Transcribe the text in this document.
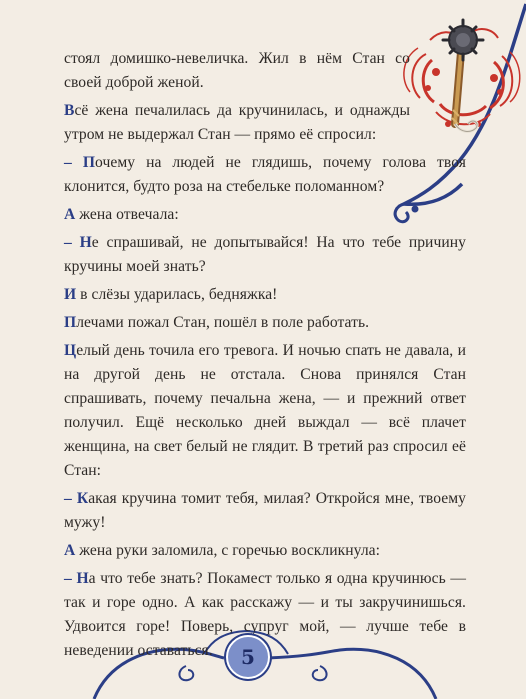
стоял домишко-невеличка. Жил в нём Стан со своей доброй женой.

Всё жена печалилась да кручинилась, и однажды утром не выдержал Стан — прямо её спросил:

– Почему на людей не глядишь, почему голова твоя клонится, будто роза на стебельке поломанном?

А жена отвечала:

– Не спрашивай, не допытывайся! На что тебе причину кручины моей знать?

И в слёзы ударилась, бедняжка!

Плечами пожал Стан, пошёл в поле работать.

Целый день точила его тревога. И ночью спать не давала, и на другой день не отстала. Снова принялся Стан спрашивать, почему печальна жена, — и прежний ответ получил. Ещё несколько дней выждал — всё плачет женщина, на свет белый не глядит. В третий раз спросил её Стан:

– Какая кручина томит тебя, милая? Откройся мне, твоему мужу!

А жена руки заломила, с горечью воскликнула:

– На что тебе знать? Покамест только я одна кручинюсь — так и горе одно. А как расскажу — и ты закручинишься. Удвоится горе! Поверь, супруг мой, — лучше тебе в неведении оставаться.	5
